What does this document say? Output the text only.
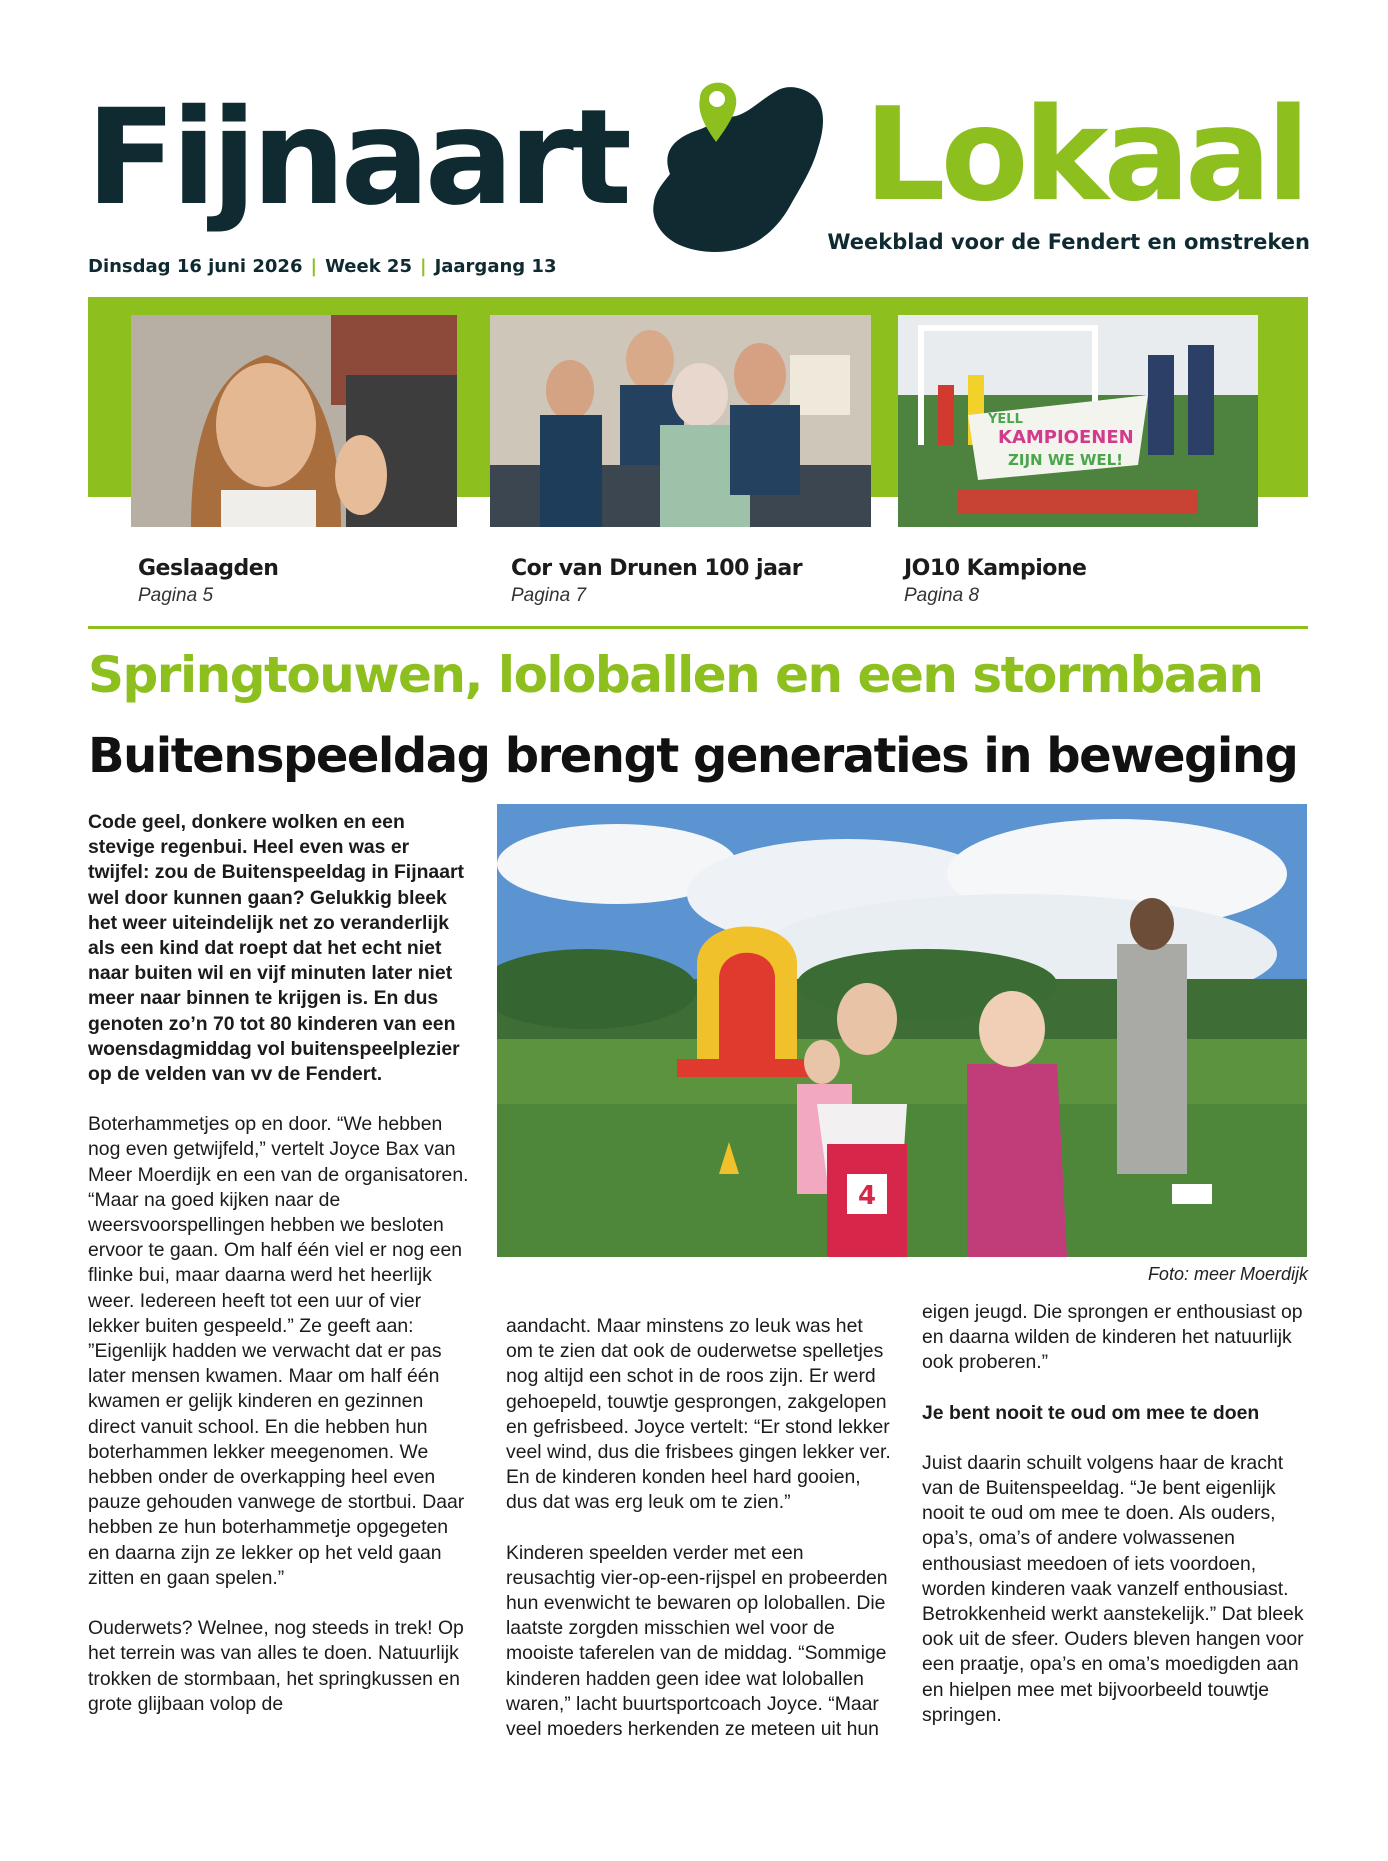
Fijnaart Lokaal
Weekblad voor de Fendert en omstreken
Dinsdag 16 juni 2026 | Week 25 | Jaargang 13
YELL
KAMPIOENEN
ZIJN WE WEL!
Geslaagden
Pagina 5
Cor van Drunen 100 jaar
Pagina 7
JO10 Kampione
Pagina 8
Springtouwen, loloballen en een stormbaan
Buitenspeeldag brengt generaties in beweging
4
Foto: meer Moerdijk

Code geel, donkere wolken en een stevige regenbui. Heel even was er twijfel: zou de Buitenspeeldag in Fijnaart wel door kunnen gaan? Gelukkig bleek het weer uiteindelijk net zo veranderlijk als een kind dat roept dat het echt niet naar buiten wil en vijf minuten later niet meer naar binnen te krijgen is. En dus genoten zo’n 70 tot 80 kinderen van een woensdagmiddag vol buitenspeelplezier op de velden van vv de Fendert.

Boterhammetjes op en door. “We hebben nog even getwijfeld,” vertelt Joyce Bax van Meer Moerdijk en een van de organisatoren. “Maar na goed kijken naar de weersvoorspellingen hebben we besloten ervoor te gaan. Om half één viel er nog een flinke bui, maar daarna werd het heerlijk weer. Iedereen heeft tot een uur of vier lekker buiten gespeeld.” Ze geeft aan: ”Eigenlijk hadden we verwacht dat er pas later mensen kwamen. Maar om half één kwamen er gelijk kinderen en gezinnen direct vanuit school. En die hebben hun boterhammen lekker meegenomen. We hebben onder de overkapping heel even pauze gehouden vanwege de stortbui. Daar hebben ze hun boterhammetje opgegeten en daarna zijn ze lekker op het veld gaan zitten en gaan spelen.”

Ouderwets? Welnee, nog steeds in trek! Op het terrein was van alles te doen. Natuurlijk trokken de stormbaan, het springkussen en grote glijbaan volop de

aandacht. Maar minstens zo leuk was het om te zien dat ook de ouderwetse spelletjes nog altijd een schot in de roos zijn. Er werd gehoepeld, touwtje gesprongen, zakgelopen en gefrisbeed. Joyce vertelt: “Er stond lekker veel wind, dus die frisbees gingen lekker ver. En de kinderen konden heel hard gooien, dus dat was erg leuk om te zien.”

Kinderen speelden verder met een reusachtig vier-op-een-rijspel en probeerden hun evenwicht te bewaren op loloballen. Die laatste zorgden misschien wel voor de mooiste taferelen van de middag. “Sommige kinderen hadden geen idee wat loloballen waren,” lacht buurtsportcoach Joyce. “Maar veel moeders herkenden ze meteen uit hun

eigen jeugd. Die sprongen er enthousiast op en daarna wilden de kinderen het natuurlijk ook proberen.”

Je bent nooit te oud om mee te doen

Juist daarin schuilt volgens haar de kracht van de Buitenspeeldag. “Je bent eigenlijk nooit te oud om mee te doen. Als ouders, opa’s, oma’s of andere volwassenen enthousiast meedoen of iets voordoen, worden kinderen vaak vanzelf enthousiast. Betrokkenheid werkt aanstekelijk.” Dat bleek ook uit de sfeer. Ouders bleven hangen voor een praatje, opa’s en oma’s moedigden aan en hielpen mee met bijvoorbeeld touwtje springen.
